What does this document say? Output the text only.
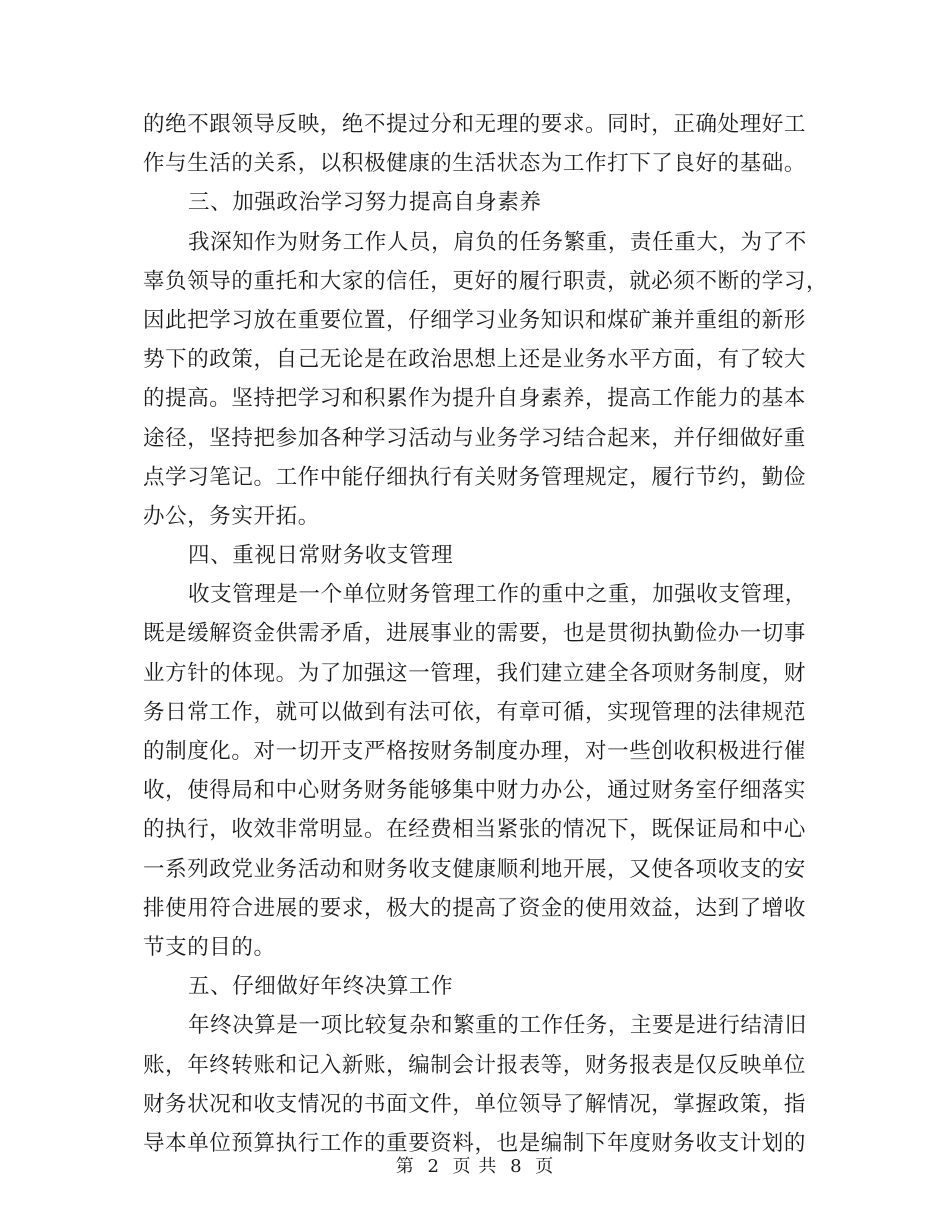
的绝不跟领导反映，绝不提过分和无理的要求。同时，正确处理好工
作与生活的关系，以积极健康的生活状态为工作打下了良好的基础。
三、加强政治学习努力提高自身素养
我深知作为财务工作人员，肩负的任务繁重，责任重大，为了不
辜负领导的重托和大家的信任，更好的履行职责，就必须不断的学习，
因此把学习放在重要位置，仔细学习业务知识和煤矿兼并重组的新形
势下的政策，自己无论是在政治思想上还是业务水平方面，有了较大
的提高。坚持把学习和积累作为提升自身素养，提高工作能力的基本
途径，坚持把参加各种学习活动与业务学习结合起来，并仔细做好重
点学习笔记。工作中能仔细执行有关财务管理规定，履行节约，勤俭
办公，务实开拓。
四、重视日常财务收支管理
收支管理是一个单位财务管理工作的重中之重，加强收支管理，
既是缓解资金供需矛盾，进展事业的需要，也是贯彻执勤俭办一切事
业方针的体现。为了加强这一管理，我们建立建全各项财务制度，财
务日常工作，就可以做到有法可依，有章可循，实现管理的法律规范
的制度化。对一切开支严格按财务制度办理，对一些创收积极进行催
收，使得局和中心财务财务能够集中财力办公，通过财务室仔细落实
的执行，收效非常明显。在经费相当紧张的情况下，既保证局和中心
一系列政党业务活动和财务收支健康顺利地开展，又使各项收支的安
排使用符合进展的要求，极大的提高了资金的使用效益，达到了增收
节支的目的。
五、仔细做好年终决算工作
年终决算是一项比较复杂和繁重的工作任务，主要是进行结清旧
账，年终转账和记入新账，编制会计报表等，财务报表是仅反映单位
财务状况和收支情况的书面文件，单位领导了解情况，掌握政策，指
导本单位预算执行工作的重要资料，也是编制下年度财务收支计划的
第 2 页 共 8 页
